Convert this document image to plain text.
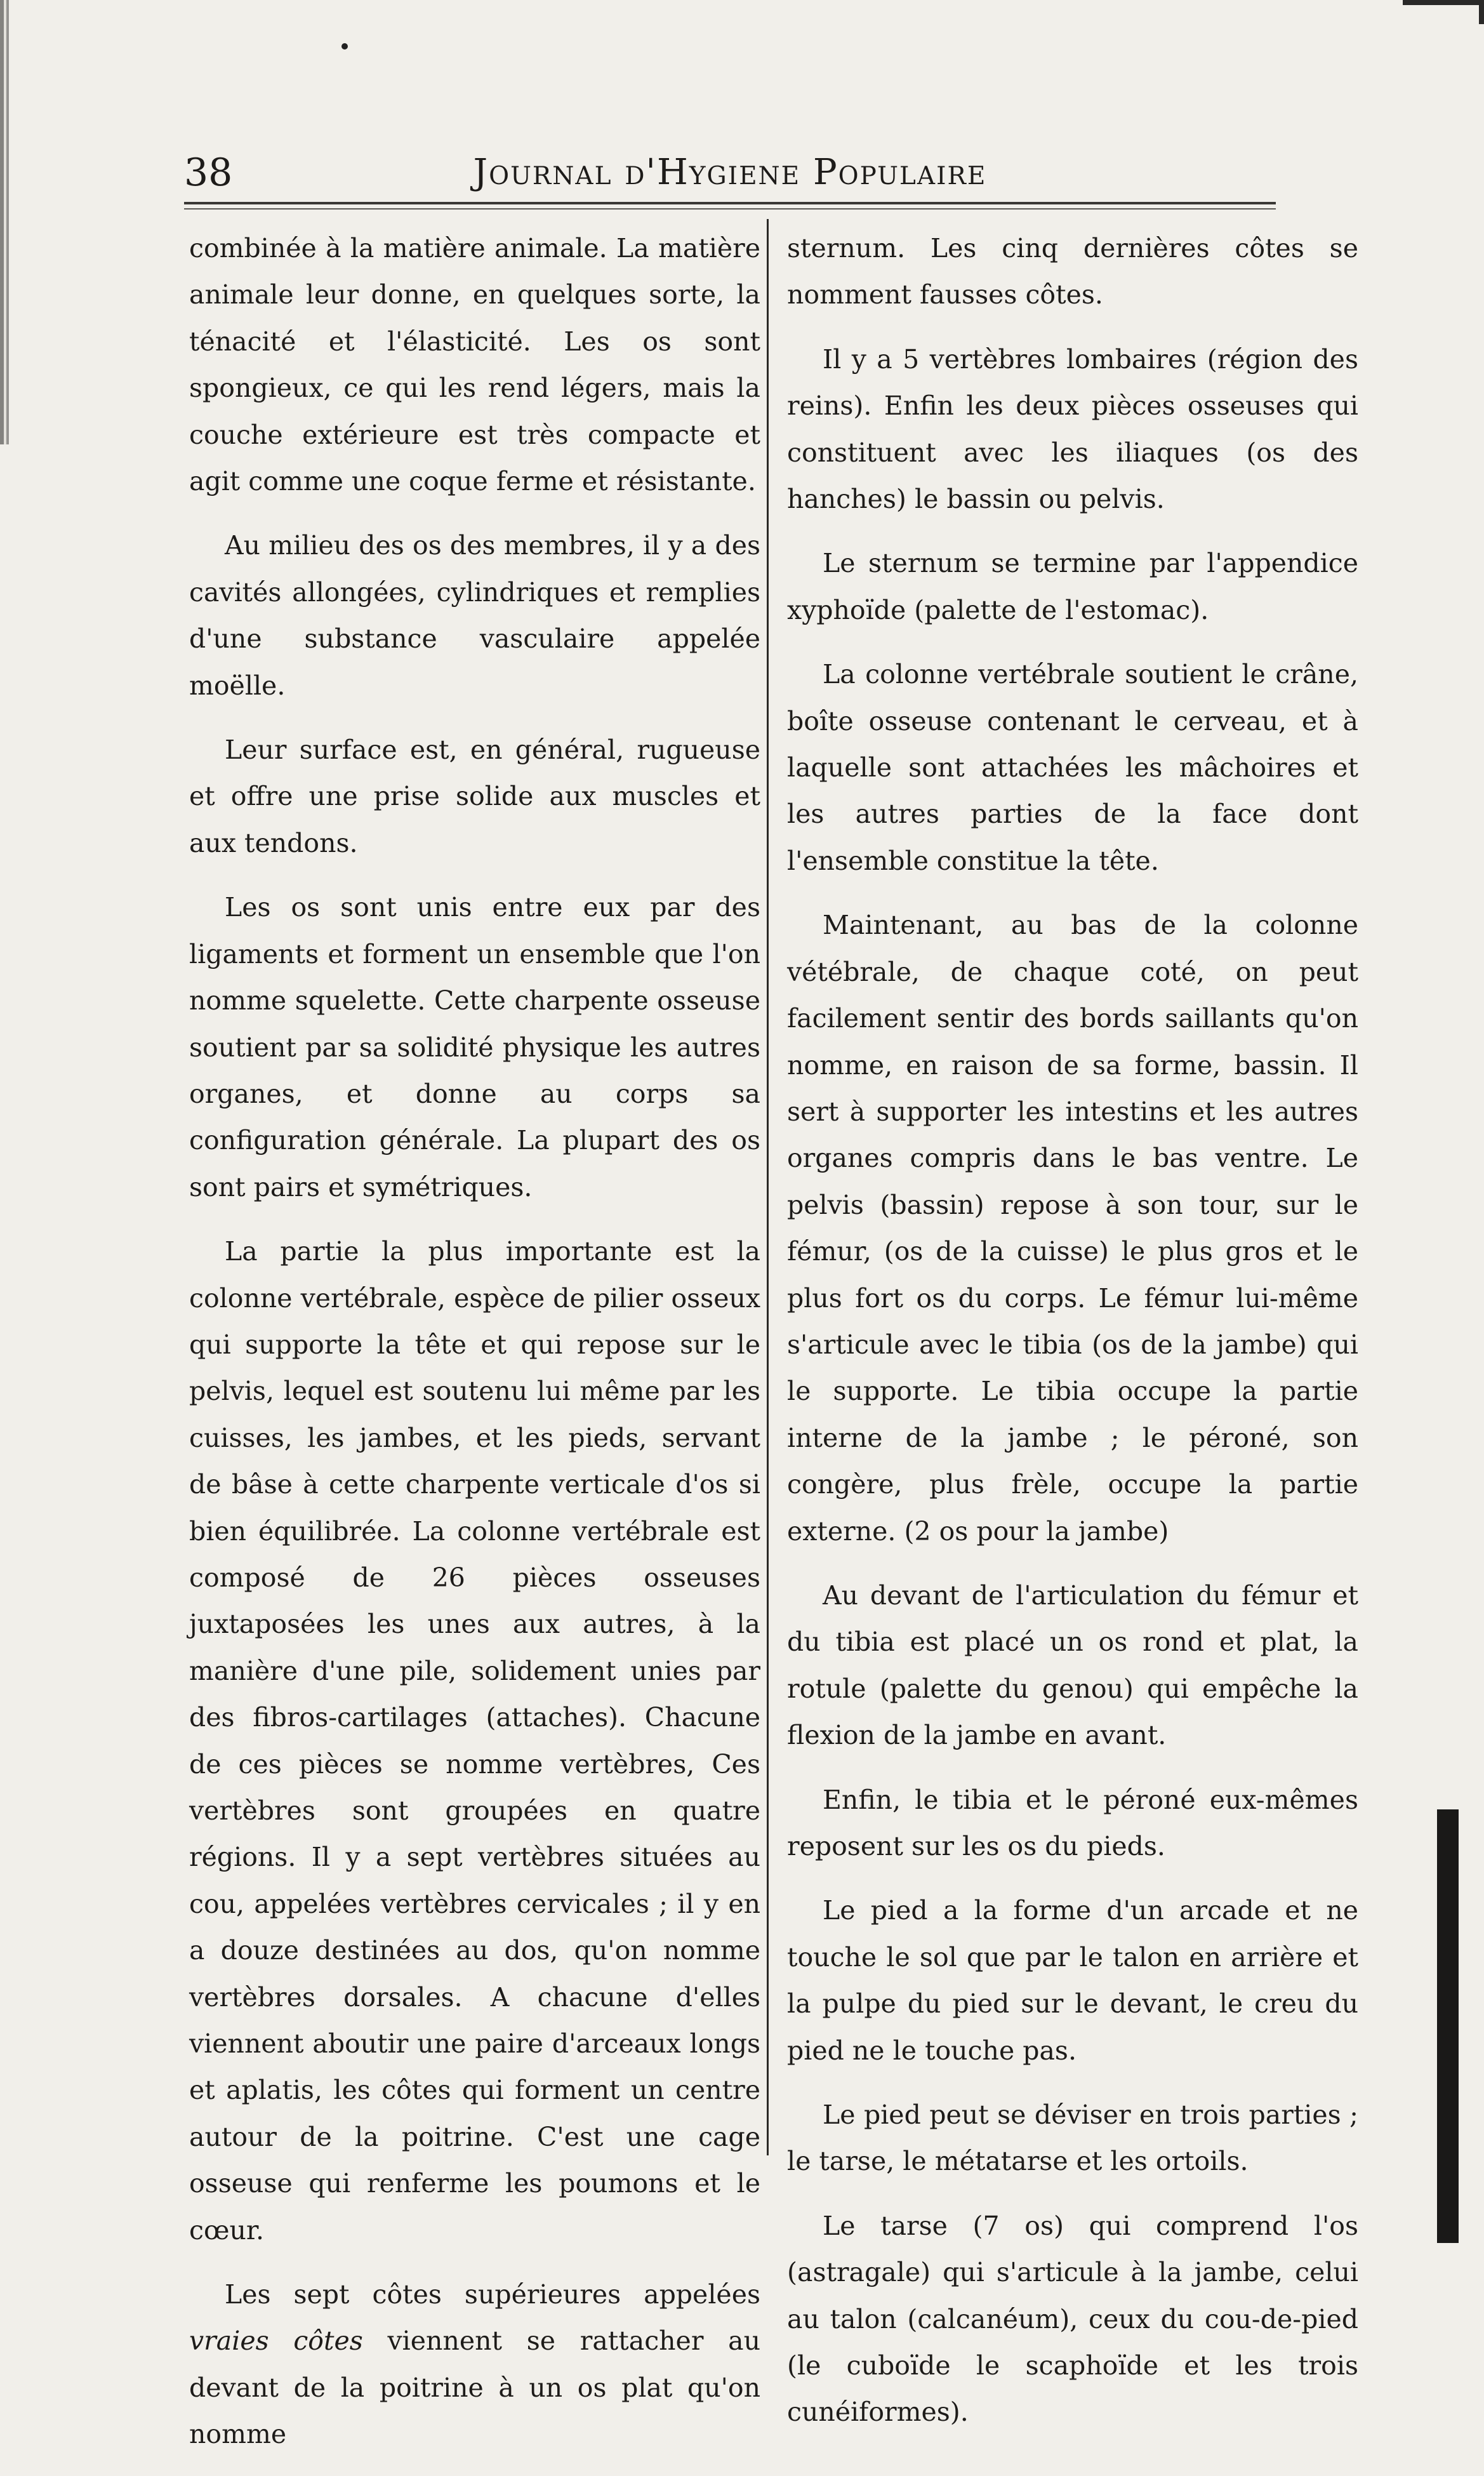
38	Journal d'Hygiene Populaire

combinée à la matière animale. La matière animale leur donne, en quelques sorte, la ténacité et l'élasticité. Les os sont spongieux, ce qui les rend légers, mais la couche extérieure est très compacte et agit comme une coque ferme et résistante.

Au milieu des os des membres, il y a des cavités allongées, cylindriques et remplies d'une substance vasculaire appelée moëlle.

Leur surface est, en général, rugueuse et offre une prise solide aux muscles et aux tendons.

Les os sont unis entre eux par des ligaments et forment un ensemble que l'on nomme squelette. Cette charpente osseuse soutient par sa solidité physique les autres organes, et donne au corps sa configuration générale. La plupart des os sont pairs et symétriques.

La partie la plus importante est la colonne vertébrale, espèce de pilier osseux qui supporte la tête et qui repose sur le pelvis, lequel est soutenu lui même par les cuisses, les jambes, et les pieds, servant de bâse à cette charpente verticale d'os si bien équilibrée. La colonne vertébrale est composé de 26 pièces osseuses juxtaposées les unes aux autres, à la manière d'une pile, solidement unies par des fibros-cartilages (attaches). Chacune de ces pièces se nomme vertèbres, Ces vertèbres sont groupées en quatre régions. Il y a sept vertèbres situées au cou, appelées vertèbres cervicales ; il y en a douze destinées au dos, qu'on nomme vertèbres dorsales. A chacune d'elles viennent aboutir une paire d'arceaux longs et aplatis, les côtes qui forment un centre autour de la poitrine. C'est une cage osseuse qui renferme les poumons et le cœur.

Les sept côtes supérieures appelées vraies côtes viennent se rattacher au devant de la poitrine à un os plat qu'on nomme

sternum. Les cinq dernières côtes se nomment fausses côtes.

Il y a 5 vertèbres lombaires (région des reins). Enfin les deux pièces osseuses qui constituent avec les iliaques (os des hanches) le bassin ou pelvis.

Le sternum se termine par l'appendice xyphoïde (palette de l'estomac).

La colonne vertébrale soutient le crâne, boîte osseuse contenant le cerveau, et à laquelle sont attachées les mâchoires et les autres parties de la face dont l'ensemble constitue la tête.

Maintenant, au bas de la colonne vétébrale, de chaque coté, on peut facilement sentir des bords saillants qu'on nomme, en raison de sa forme, bassin. Il sert à supporter les intestins et les autres organes compris dans le bas ventre. Le pelvis (bassin) repose à son tour, sur le fémur, (os de la cuisse) le plus gros et le plus fort os du corps. Le fémur lui-même s'articule avec le tibia (os de la jambe) qui le supporte. Le tibia occupe la partie interne de la jambe ; le péroné, son congère, plus frèle, occupe la partie externe. (2 os pour la jambe)

Au devant de l'articulation du fémur et du tibia est placé un os rond et plat, la rotule (palette du genou) qui empêche la flexion de la jambe en avant.

Enfin, le tibia et le péroné eux-mêmes reposent sur les os du pieds.

Le pied a la forme d'un arcade et ne touche le sol que par le talon en arrière et la pulpe du pied sur le devant, le creu du pied ne le touche pas.

Le pied peut se déviser en trois parties ; le tarse, le métatarse et les ortoils.

Le tarse (7 os) qui comprend l'os (astragale) qui s'articule à la jambe, celui au talon (calcanéum), ceux du cou-de-pied (le cuboïde le scaphoïde et les trois cunéiformes).
